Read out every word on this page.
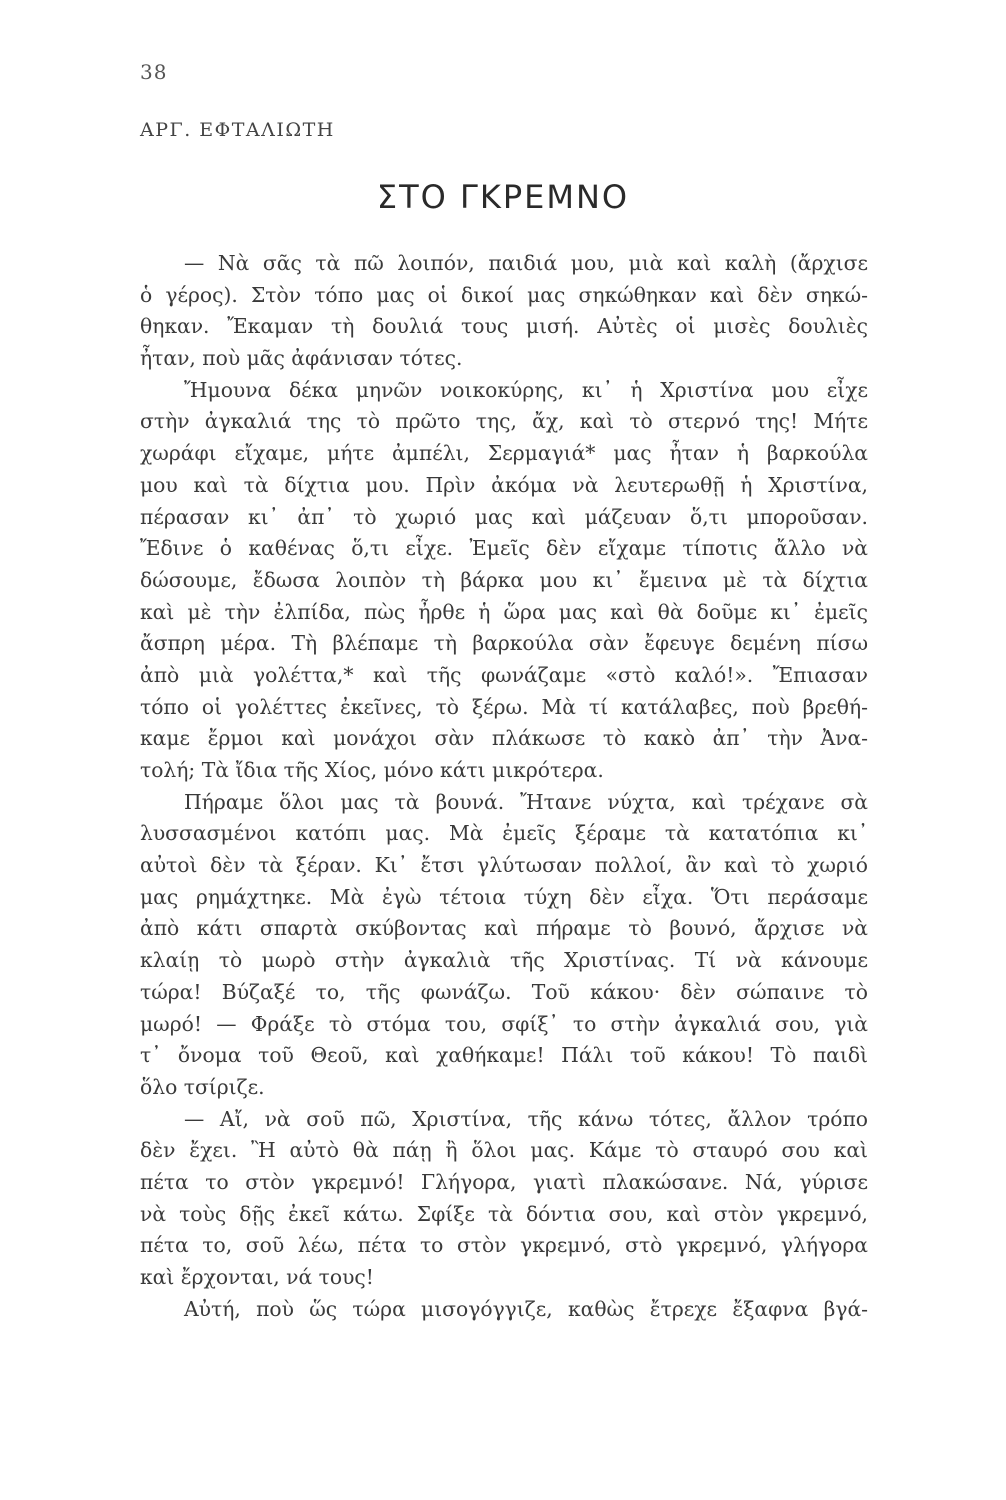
38
ΑΡΓ. ΕΦΤΑΛΙΩΤΗ
ΣΤΟ ΓΚΡΕΜΝΟ
— Νὰ σᾶς τὰ πῶ λοιπόν, παιδιά μου, μιὰ καὶ καλὴ (ἄρχισε
ὁ γέρος). Στὸν τόπο μας οἱ δικοί μας σηκώθηκαν καὶ δὲν σηκώ-
θηκαν. Ἔκαμαν τὴ δουλιά τους μισή. Αὐτὲς οἱ μισὲς δουλιὲς
ἦταν, ποὺ μᾶς ἀφάνισαν τότες.
Ἤμουνα δέκα μηνῶν νοικοκύρης, κι᾽ ἡ Χριστίνα μου εἶχε
στὴν ἀγκαλιά της τὸ πρῶτο της, ἄχ, καὶ τὸ στερνό της! Μήτε
χωράφι εἴχαμε, μήτε ἀμπέλι, Σερμαγιά* μας ἦταν ἡ βαρκούλα
μου καὶ τὰ δίχτια μου. Πρὶν ἀκόμα νὰ λευτερωθῇ ἡ Χριστίνα,
πέρασαν κι᾽ ἀπ᾽ τὸ χωριό μας καὶ μάζευαν ὅ,τι μποροῦσαν.
Ἔδινε ὁ καθένας ὅ,τι εἶχε. Ἐμεῖς δὲν εἴχαμε τίποτις ἄλλο νὰ
δώσουμε, ἔδωσα λοιπὸν τὴ βάρκα μου κι᾽ ἔμεινα μὲ τὰ δίχτια
καὶ μὲ τὴν ἐλπίδα, πὼς ἦρθε ἡ ὥρα μας καὶ θὰ δοῦμε κι᾽ ἐμεῖς
ἄσπρη μέρα. Τὴ βλέπαμε τὴ βαρκούλα σὰν ἔφευγε δεμένη πίσω
ἀπὸ μιὰ γολέττα,* καὶ τῆς φωνάζαμε «στὸ καλό!». Ἔπιασαν
τόπο οἱ γολέττες ἐκεῖνες, τὸ ξέρω. Μὰ τί κατάλαβες, ποὺ βρεθή-
καμε ἔρμοι καὶ μονάχοι σὰν πλάκωσε τὸ κακὸ ἀπ᾽ τὴν Ἀνα-
τολή; Τὰ ἴδια τῆς Χίος, μόνο κάτι μικρότερα.
Πήραμε ὅλοι μας τὰ βουνά. Ἤτανε νύχτα, καὶ τρέχανε σὰ
λυσσασμένοι κατόπι μας. Μὰ ἐμεῖς ξέραμε τὰ κατατόπια κι᾽
αὐτοὶ δὲν τὰ ξέραν. Κι᾽ ἔτσι γλύτωσαν πολλοί, ἂν καὶ τὸ χωριό
μας ρημάχτηκε. Μὰ ἐγὼ τέτοια τύχη δὲν εἶχα. Ὅτι περάσαμε
ἀπὸ κάτι σπαρτὰ σκύβοντας καὶ πήραμε τὸ βουνό, ἄρχισε νὰ
κλαίῃ τὸ μωρὸ στὴν ἀγκαλιὰ τῆς Χριστίνας. Τί νὰ κάνουμε
τώρα! Βύζαξέ το, τῆς φωνάζω. Τοῦ κάκου· δὲν σώπαινε τὸ
μωρό! — Φράξε τὸ στόμα του, σφίξ᾽ το στὴν ἀγκαλιά σου, γιὰ
τ᾽ ὄνομα τοῦ Θεοῦ, καὶ χαθήκαμε! Πάλι τοῦ κάκου! Τὸ παιδὶ
ὅλο τσίριζε.
— Αἴ, νὰ σοῦ πῶ, Χριστίνα, τῆς κάνω τότες, ἄλλον τρόπο
δὲν ἔχει. Ἢ αὐτὸ θὰ πάῃ ἢ ὅλοι μας. Κάμε τὸ σταυρό σου καὶ
πέτα το στὸν γκρεμνό! Γλήγορα, γιατὶ πλακώσανε. Νά, γύρισε
νὰ τοὺς δῇς ἐκεῖ κάτω. Σφίξε τὰ δόντια σου, καὶ στὸν γκρεμνό,
πέτα το, σοῦ λέω, πέτα το στὸν γκρεμνό, στὸ γκρεμνό, γλήγορα
καὶ ἔρχονται, νά τους!
Αὐτή, ποὺ ὥς τώρα μισογόγγιζε, καθὼς ἔτρεχε ἔξαφνα βγά-
